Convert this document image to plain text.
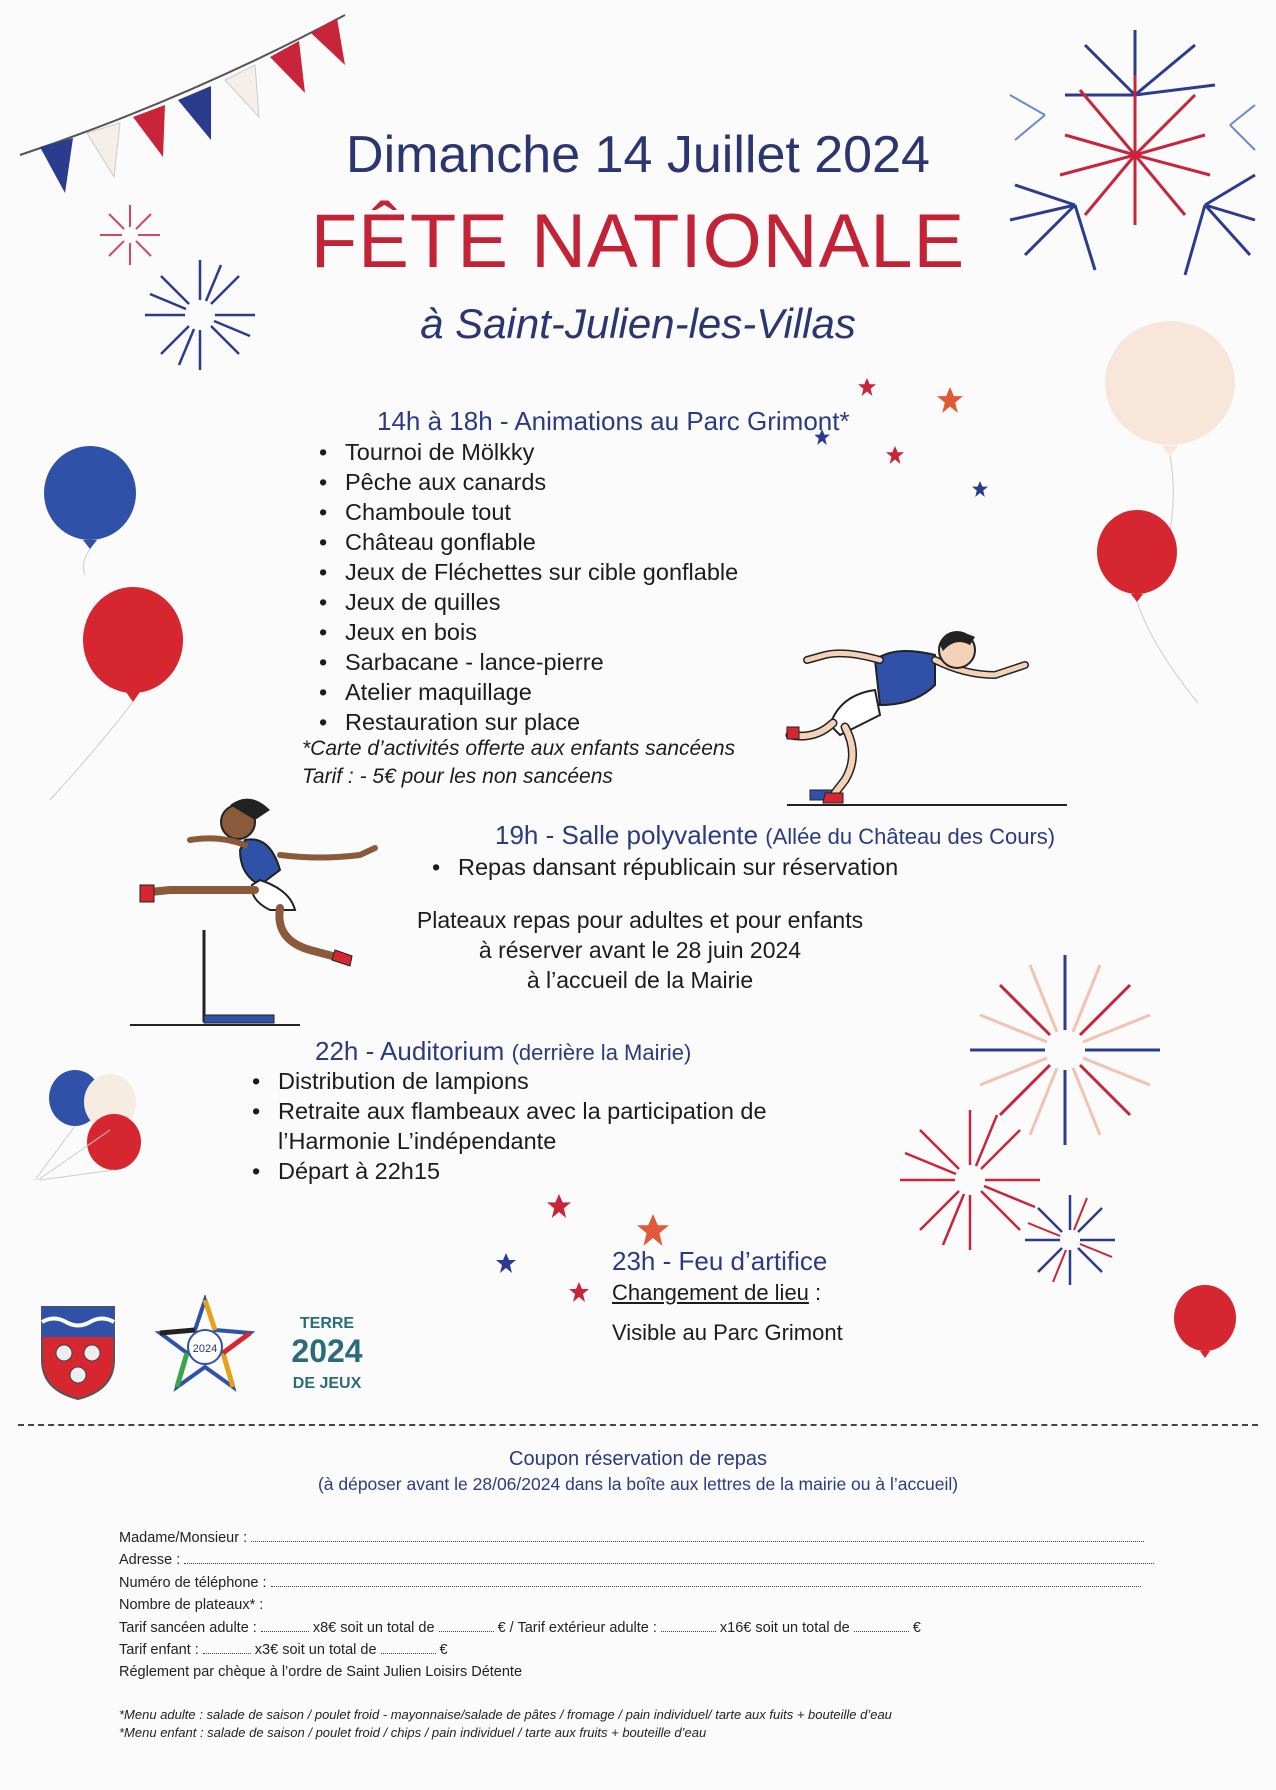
Dimanche 14 Juillet 2024
FÊTE NATIONALE
à Saint-Julien-les-Villas
14h à 18h - Animations au Parc Grimont*
• Tournoi de Mölkky
• Pêche aux canards
• Chamboule tout
• Château gonflable
• Jeux de Fléchettes sur cible gonflable
• Jeux de quilles
• Jeux en bois
• Sarbacane - lance-pierre
• Atelier maquillage
• Restauration sur place
*Carte d’activités offerte aux enfants sancéens
Tarif : - 5€ pour les non sancéens
19h - Salle polyvalente (Allée du Château des Cours)
• Repas dansant républicain sur réservation
Plateaux repas pour adultes et pour enfants
à réserver avant le 28 juin 2024
à l’accueil de la Mairie
22h - Auditorium (derrière la Mairie)
• Distribution de lampions
• Retraite aux flambeaux avec la participation de
l’Harmonie L’indépendante
• Départ à 22h15
23h - Feu d’artifice
Changement de lieu :
Visible au Parc Grimont
2024
TERRE
2024
DE JEUX
Coupon réservation de repas
(à déposer avant le 28/06/2024 dans la boîte aux lettres de la mairie ou à l’accueil)
Madame/Monsieur :
Adresse :
Numéro de téléphone :
Nombre de plateaux* :
Tarif sancéen adulte :	x8€ soit un total de	€ / Tarif extérieur adulte :	x16€ soit un total de	€
Tarif enfant :	x3€ soit un total de	€
Réglement par chèque à l’ordre de Saint Julien Loisirs Détente
*Menu adulte : salade de saison / poulet froid - mayonnaise/salade de pâtes / fromage / pain individuel/ tarte aux fuits + bouteille d’eau
*Menu enfant : salade de saison / poulet froid / chips / pain individuel / tarte aux fruits + bouteille d’eau
